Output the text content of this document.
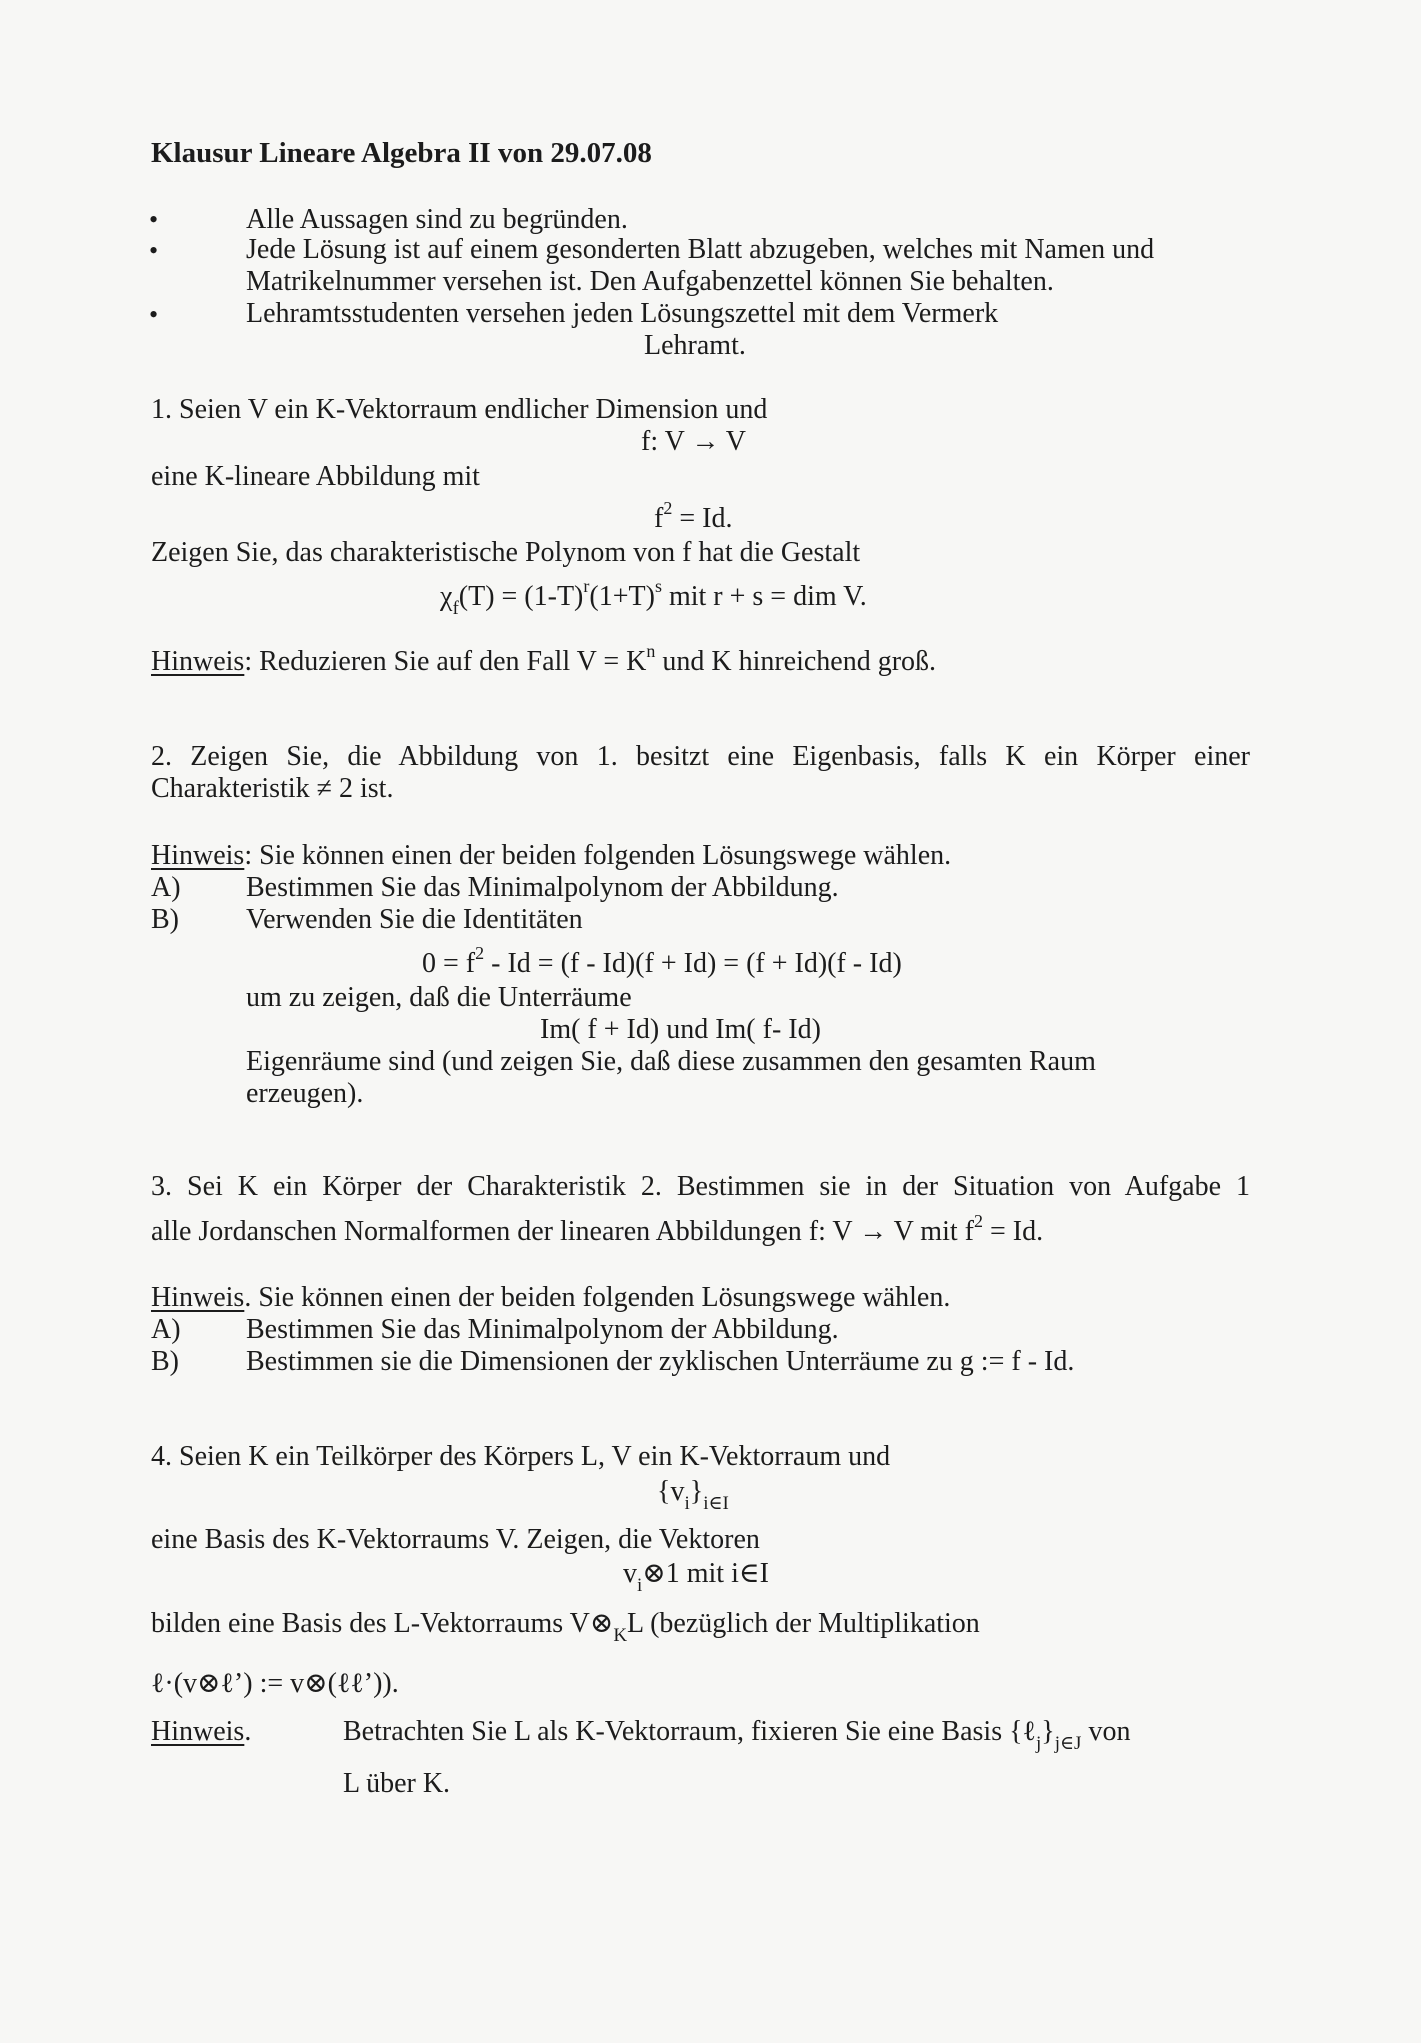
Klausur Lineare Algebra II von 29.07.08
•	Alle Aussagen sind zu begründen.
•	Jede Lösung ist auf einem gesonderten Blatt abzugeben, welches mit Namen und
Matrikelnummer versehen ist. Den Aufgabenzettel können Sie behalten.
•	Lehramtsstudenten versehen jeden Lösungszettel mit dem Vermerk
Lehramt.
1. Seien V ein K-Vektorraum endlicher Dimension und
f: V → V
eine K-lineare Abbildung mit
$f^2 = Id$.
Zeigen Sie, das charakteristische Polynom von f hat die Gestalt
$\chi_f(T) = (1-T)^r(1+T)^s$ mit r + s = dim V.
Hinweis: Reduzieren Sie auf den Fall $V = K^n$ und K hinreichend groß.
2. Zeigen Sie, die Abbildung von 1. besitzt eine Eigenbasis, falls K ein Körper einer
Charakteristik ≠ 2 ist.
Hinweis: Sie können einen der beiden folgenden Lösungswege wählen.
A) Bestimmen Sie das Minimalpolynom der Abbildung.
B) Verwenden Sie die Identitäten
$0 = f^2 - Id = (f - Id)(f + Id) = (f + Id)(f - Id)$
um zu zeigen, daß die Unterräume
Im( f + Id) und Im( f- Id)
Eigenräume sind (und zeigen Sie, daß diese zusammen den gesamten Raum
erzeugen).
3. Sei K ein Körper der Charakteristik 2. Bestimmen sie in der Situation von Aufgabe 1
alle Jordanschen Normalformen der linearen Abbildungen f: V → V mit $f^2 = Id$.
Hinweis. Sie können einen der beiden folgenden Lösungswege wählen.
A) Bestimmen Sie das Minimalpolynom der Abbildung.
B) Bestimmen sie die Dimensionen der zyklischen Unterräume zu g := f - Id.
4. Seien K ein Teilkörper des Körpers L, V ein K-Vektorraum und
$\{v_i\}_{i\in I}$
eine Basis des K-Vektorraums V. Zeigen, die Vektoren
$v_i\otimes 1$ mit i∈I
bilden eine Basis des L-Vektorraums $V\otimes_KL$ (bezüglich der Multiplikation
ℓ·(v⊗ℓ’) := v⊗(ℓℓ’)).
Hinweis.	Betrachten Sie L als K-Vektorraum, fixieren Sie eine Basis $\{\ell_j\}_{j\in J}$ von
L über K.
